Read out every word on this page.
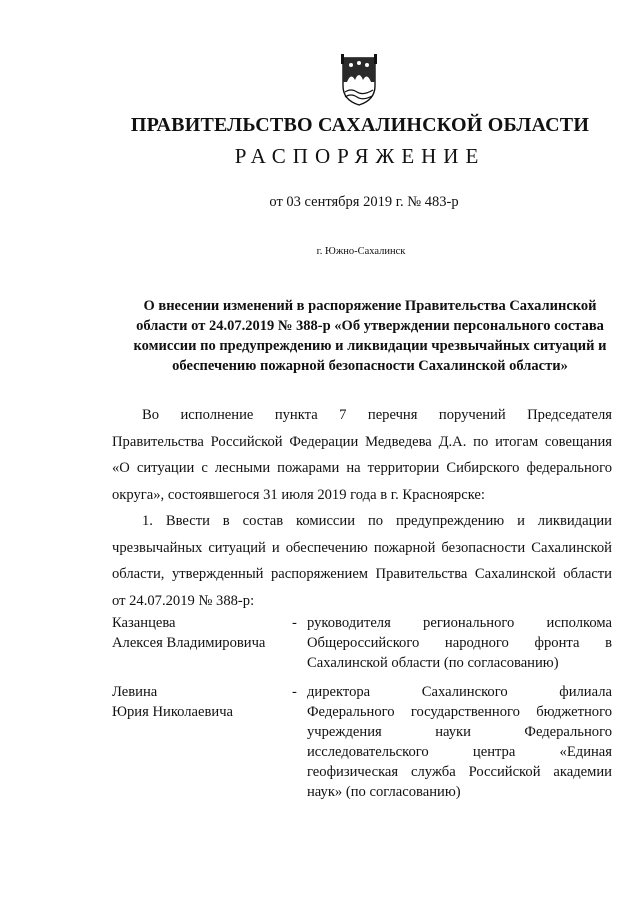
ПРАВИТЕЛЬСТВО САХАЛИНСКОЙ ОБЛАСТИ
РАСПОРЯЖЕНИЕ
от 03 сентября 2019 г. № 483-р
г. Южно-Сахалинск
О внесении изменений в распоряжение Правительства Сахалинской
области от 24.07.2019 № 388-р «Об утверждении персонального состава
комиссии по предупреждению и ликвидации чрезвычайных ситуаций и
обеспечению пожарной безопасности Сахалинской области»
Во исполнение пункта 7 перечня поручений Председателя
Правительства Российской Федерации Медведева Д.А. по итогам совещания
«О ситуации с лесными пожарами на территории Сибирского федерального
округа», состоявшегося 31 июля 2019 года в г. Красноярске:
1. Ввести в состав комиссии по предупреждению и ликвидации
чрезвычайных ситуаций и обеспечению пожарной безопасности Сахалинской
области, утвержденный распоряжением Правительства Сахалинской области
от 24.07.2019 № 388-р:
Казанцева
Алексея Владимировича
- руководителя регионального исполкома
Общероссийского народного фронта в
Сахалинской области (по согласованию)
Левина
Юрия Николаевича
- директора Сахалинского филиала
Федерального государственного бюджетного
учреждения науки Федерального
исследовательского центра «Единая
геофизическая служба Российской академии
наук» (по согласованию)
